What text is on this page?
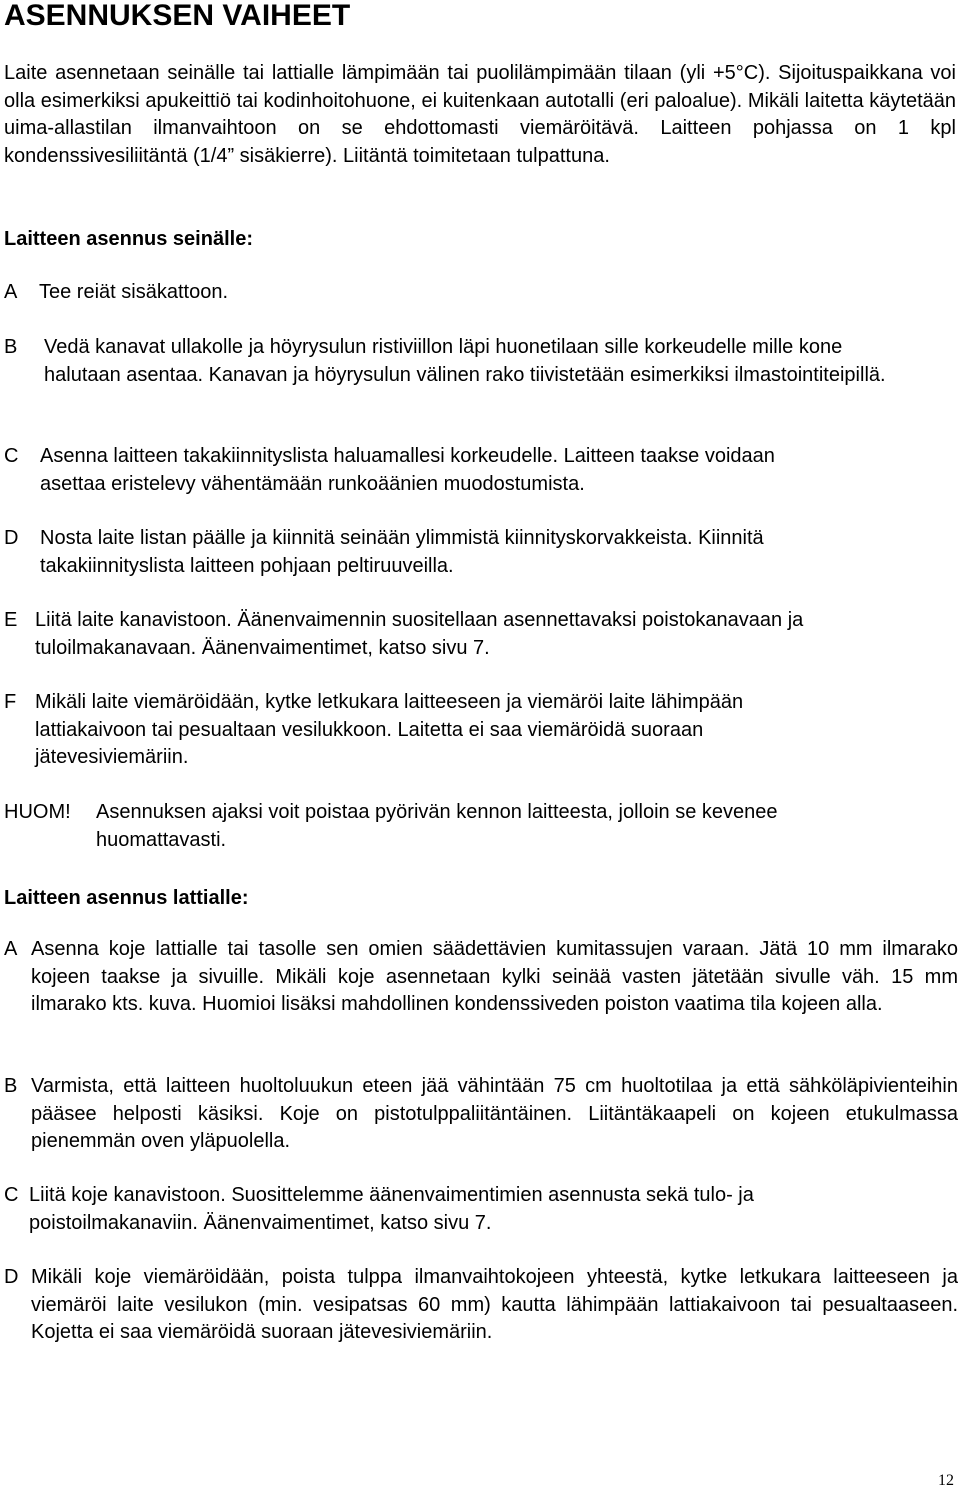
ASENNUKSEN VAIHEET

Laite asennetaan seinälle tai lattialle lämpimään tai puolilämpimään tilaan (yli +5°C). Sijoituspaikkana voi olla esimerkiksi apukeittiö tai kodinhoitohuone, ei kuitenkaan autotalli (eri paloalue). Mikäli laitetta käytetään uima-allastilan ilmanvaihtoon on se ehdottomasti viemäröitävä. Laitteen pohjassa on 1 kpl kondenssivesiliitäntä (1/4” sisäkierre). Liitäntä toimitetaan tulpattuna.

Laitteen asennus seinälle:
A	Tee reiät sisäkattoon.
B	Vedä kanavat ullakolle ja höyrysulun ristiviillon läpi huonetilaan sille korkeudelle mille kone halutaan asentaa. Kanavan ja höyrysulun välinen rako tiivistetään esimerkiksi ilmastointiteipillä.
C	Asenna laitteen takakiinnityslista haluamallesi korkeudelle. Laitteen taakse voidaan asettaa eristelevy vähentämään runkoäänien muodostumista.
D	Nosta laite listan päälle ja kiinnitä seinään ylimmistä kiinnityskorvakkeista. Kiinnitä takakiinnityslista laitteen pohjaan peltiruuveilla.
E Liitä laite kanavistoon. Äänenvaimennin suositellaan asennettavaksi poistokanavaan ja tuloilmakanavaan. Äänenvaimentimet, katso sivu 7.
F Mikäli laite viemäröidään, kytke letkukara laitteeseen ja viemäröi laite lähimpään lattiakaivoon tai pesualtaan vesilukkoon. Laitetta ei saa viemäröidä suoraan jätevesiviemäriin.
HUOM!	Asennuksen ajaksi voit poistaa pyörivän kennon laitteesta, jolloin se kevenee huomattavasti.
Laitteen asennus lattialle:
A Asenna koje lattialle tai tasolle sen omien säädettävien kumitassujen varaan. Jätä 10 mm ilmarako kojeen taakse ja sivuille. Mikäli koje asennetaan kylki seinää vasten jätetään sivulle väh. 15 mm ilmarako kts. kuva. Huomioi lisäksi mahdollinen kondenssiveden poiston vaatima tila kojeen alla.
B Varmista, että laitteen huoltoluukun eteen jää vähintään 75 cm huoltotilaa ja että sähköläpivienteihin pääsee helposti käsiksi. Koje on pistotulppaliitäntäinen. Liitäntäkaapeli on kojeen etukulmassa pienemmän oven yläpuolella.
C Liitä koje kanavistoon. Suosittelemme äänenvaimentimien asennusta sekä tulo- ja poistoilmakanaviin. Äänenvaimentimet, katso sivu 7.
D Mikäli koje viemäröidään, poista tulppa ilmanvaihtokojeen yhteestä, kytke letkukara laitteeseen ja viemäröi laite vesilukon (min. vesipatsas 60 mm) kautta lähimpään lattiakaivoon tai pesualtaaseen. Kojetta ei saa viemäröidä suoraan jätevesiviemäriin.
12
